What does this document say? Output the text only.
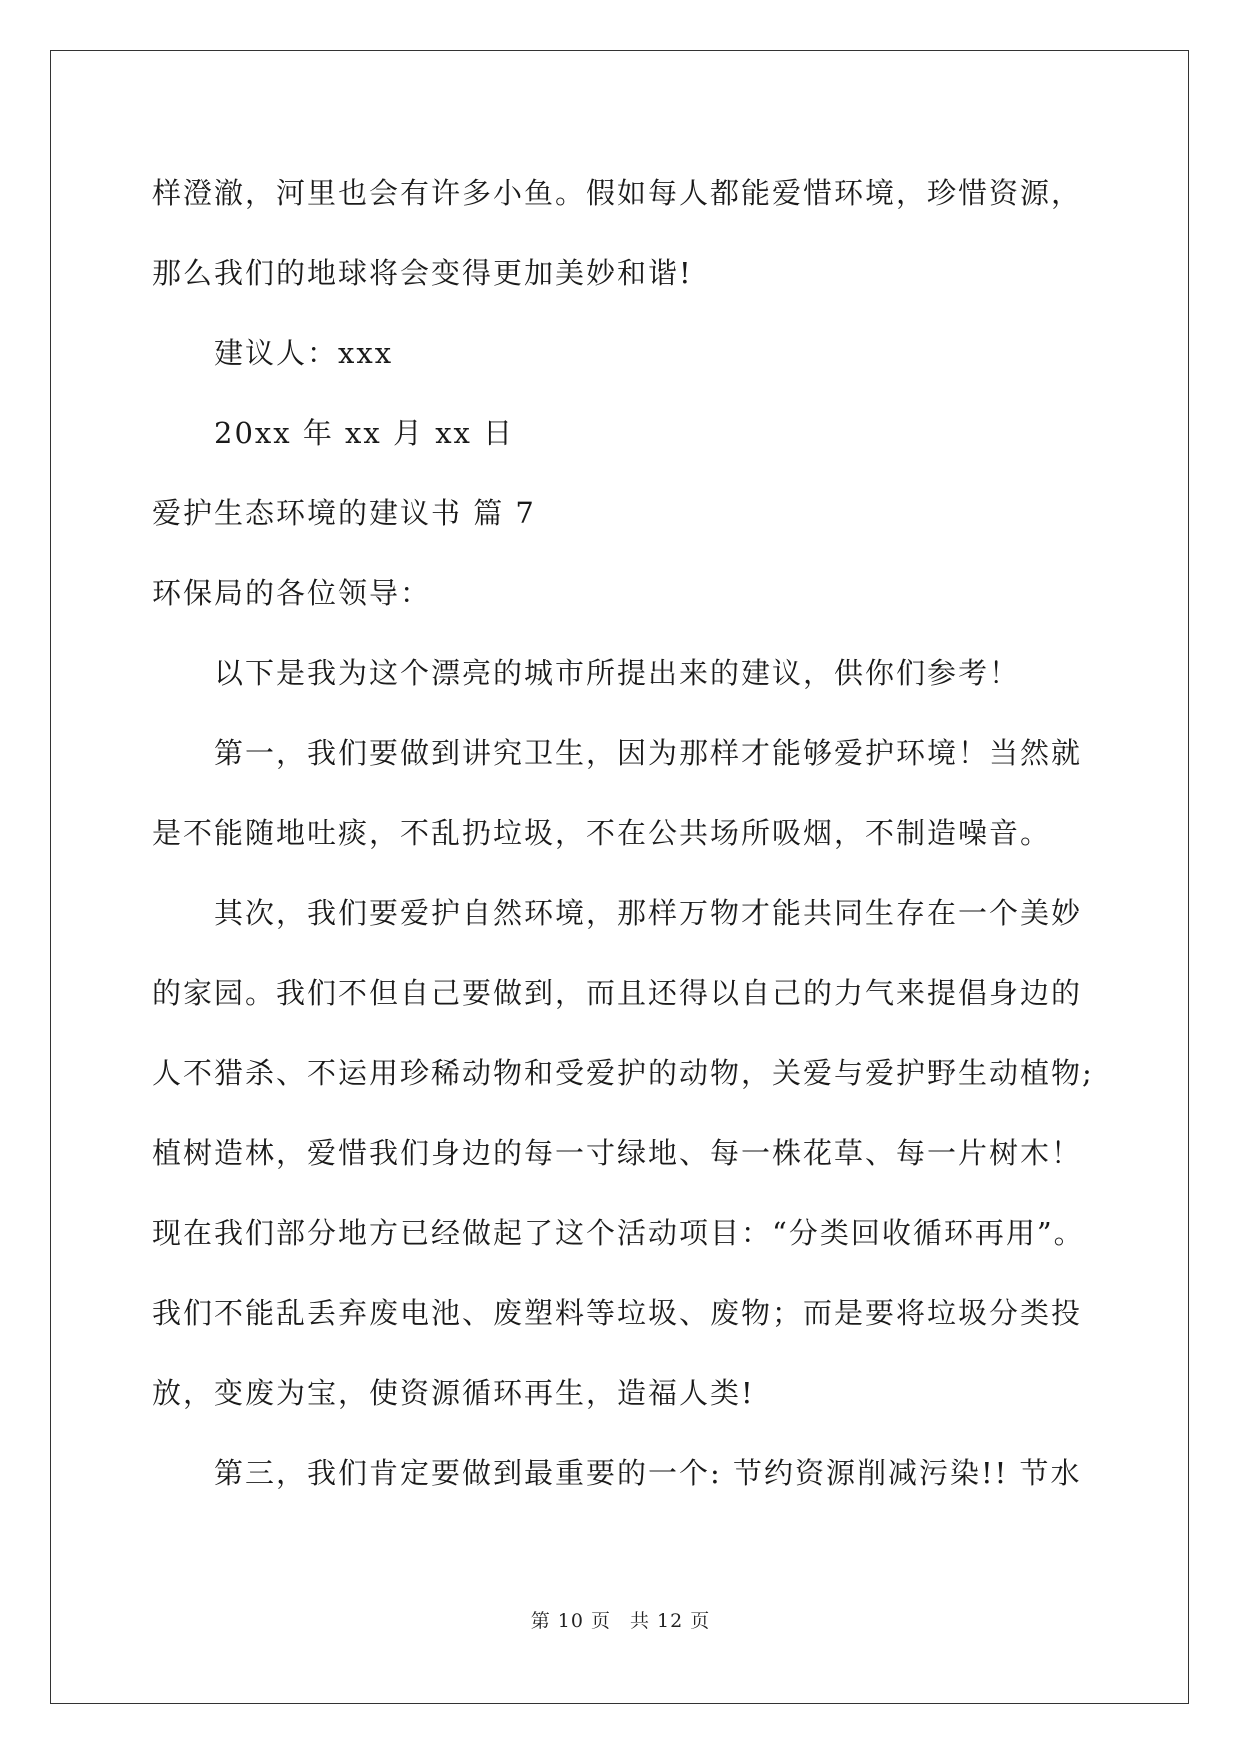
样澄澈，河里也会有许多小鱼。假如每人都能爱惜环境，珍惜资源，
那么我们的地球将会变得更加美妙和谐!
建议人：xxx
20xx 年 xx 月 xx 日
爱护生态环境的建议书 篇 7
环保局的各位领导：
以下是我为这个漂亮的城市所提出来的建议，供你们参考！
第一，我们要做到讲究卫生，因为那样才能够爱护环境！当然就
是不能随地吐痰，不乱扔垃圾，不在公共场所吸烟，不制造噪音。
其次，我们要爱护自然环境，那样万物才能共同生存在一个美妙
的家园。我们不但自己要做到，而且还得以自己的力气来提倡身边的
人不猎杀、不运用珍稀动物和受爱护的动物，关爱与爱护野生动植物;
植树造林，爱惜我们身边的每一寸绿地、每一株花草、每一片树木！
现在我们部分地方已经做起了这个活动项目：“分类回收循环再用”。
我们不能乱丢弃废电池、废塑料等垃圾、废物；而是要将垃圾分类投
放，变废为宝，使资源循环再生，造福人类!
第三，我们肯定要做到最重要的一个: 节约资源削减污染!! 节水
第 10 页 共 12 页
